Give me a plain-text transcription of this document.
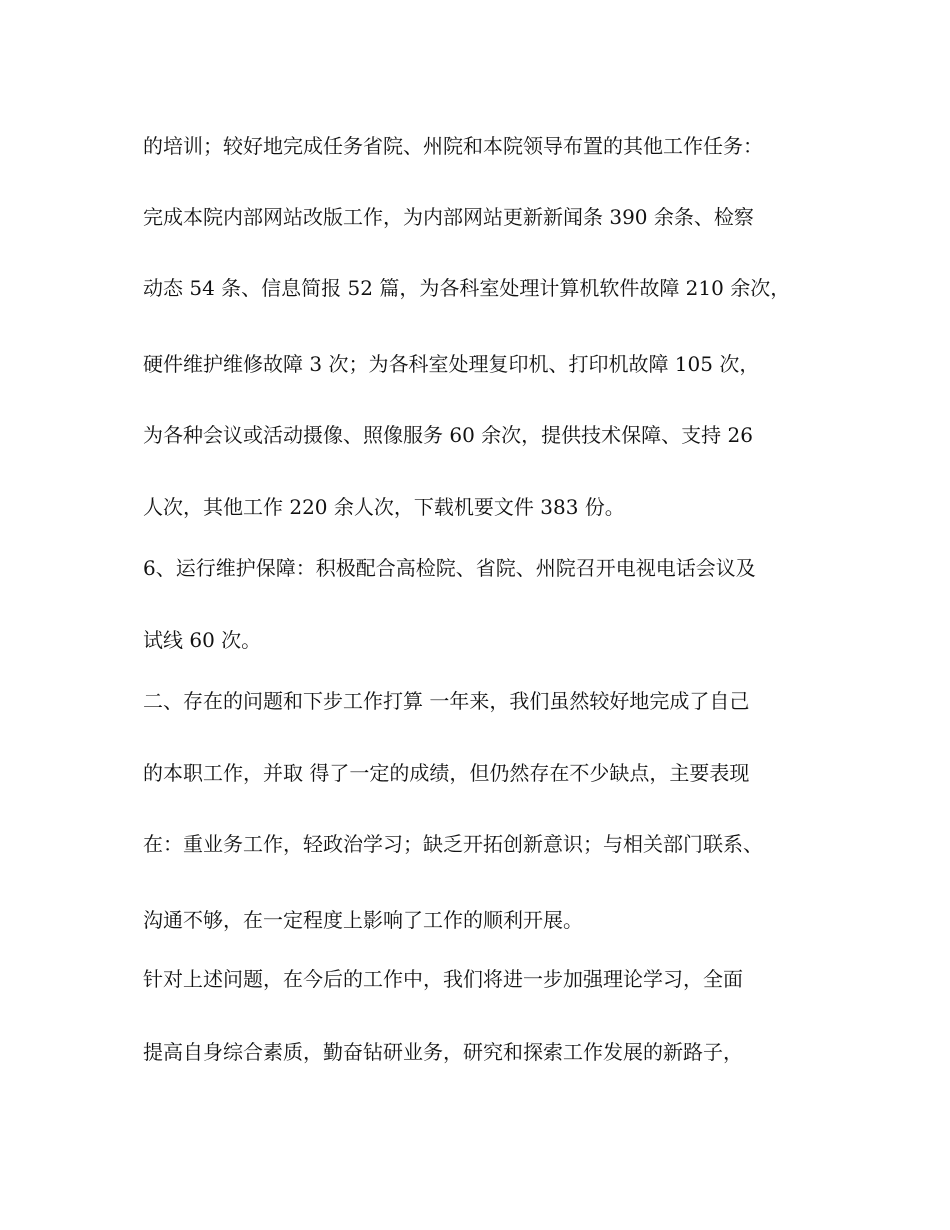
的培训；较好地完成任务省院、州院和本院领导布置的其他工作任务：
完成本院内部网站改版工作，为内部网站更新新闻条 390 余条、检察
动态 54 条、信息简报 52 篇，为各科室处理计算机软件故障 210 余次，
硬件维护维修故障 3 次；为各科室处理复印机、打印机故障 105 次，
为各种会议或活动摄像、照像服务 60 余次，提供技术保障、支持 26
人次，其他工作 220 余人次，下载机要文件 383 份。
6、运行维护保障：积极配合高检院、省院、州院召开电视电话会议及
试线 60 次。
二、存在的问题和下步工作打算 一年来，我们虽然较好地完成了自己
的本职工作，并取 得了一定的成绩，但仍然存在不少缺点，主要表现
在：重业务工作，轻政治学习；缺乏开拓创新意识；与相关部门联系、
沟通不够，在一定程度上影响了工作的顺利开展。
针对上述问题，在今后的工作中，我们将进一步加强理论学习，全面
提高自身综合素质，勤奋钻研业务，研究和探索工作发展的新路子，
